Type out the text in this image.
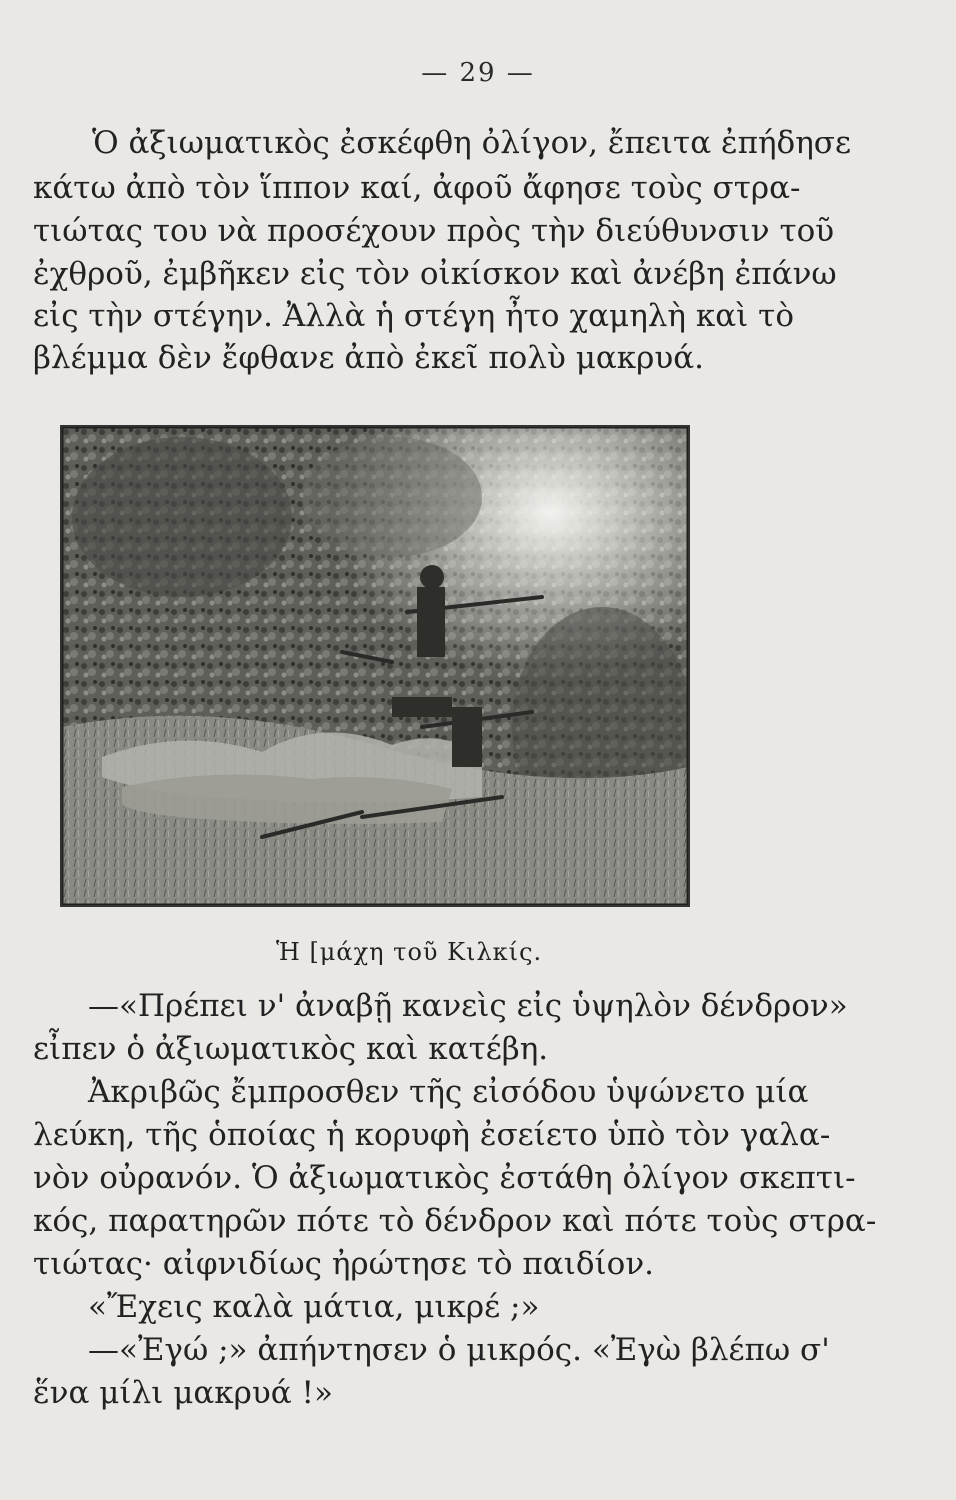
— 29 —
Ὁ ἀξιωματικὸς ἐσκέφθη ὀλίγον, ἔπειτα ἐπήδησε
κάτω ἀπὸ τὸν ἵππον καί, ἀφοῦ ἄφησε τοὺς στρα-
τιώτας του νὰ προσέχουν πρὸς τὴν διεύθυνσιν τοῦ
ἐχθροῦ, ἐμβῆκεν εἰς τὸν οἰκίσκον καὶ ἀνέβη ἐπάνω
εἰς τὴν στέγην. Ἀλλὰ ἡ στέγη ἦτο χαμηλὴ καὶ τὸ
βλέμμα δὲν ἔφθανε ἀπὸ ἐκεῖ πολὺ μακρυά.
Ἡ [μάχη τοῦ Κιλκίς.
—«Πρέπει ν' ἀναβῇ κανεὶς εἰς ὑψηλὸν δένδρον»
εἶπεν ὁ ἀξιωματικὸς καὶ κατέβη.
Ἀκριβῶς ἔμπροσθεν τῆς εἰσόδου ὑψώνετο μία
λεύκη, τῆς ὁποίας ἡ κορυφὴ ἐσείετο ὑπὸ τὸν γαλα-
νὸν οὐρανόν. Ὁ ἀξιωματικὸς ἐστάθη ὀλίγον σκεπτι-
κός, παρατηρῶν πότε τὸ δένδρον καὶ πότε τοὺς στρα-
τιώτας· αἰφνιδίως ἠρώτησε τὸ παιδίον.
«Ἔχεις καλὰ μάτια, μικρέ ;»
—«Ἐγώ ;» ἀπήντησεν ὁ μικρός. «Ἐγὼ βλέπω σ'
ἕνα μίλι μακρυά !»
